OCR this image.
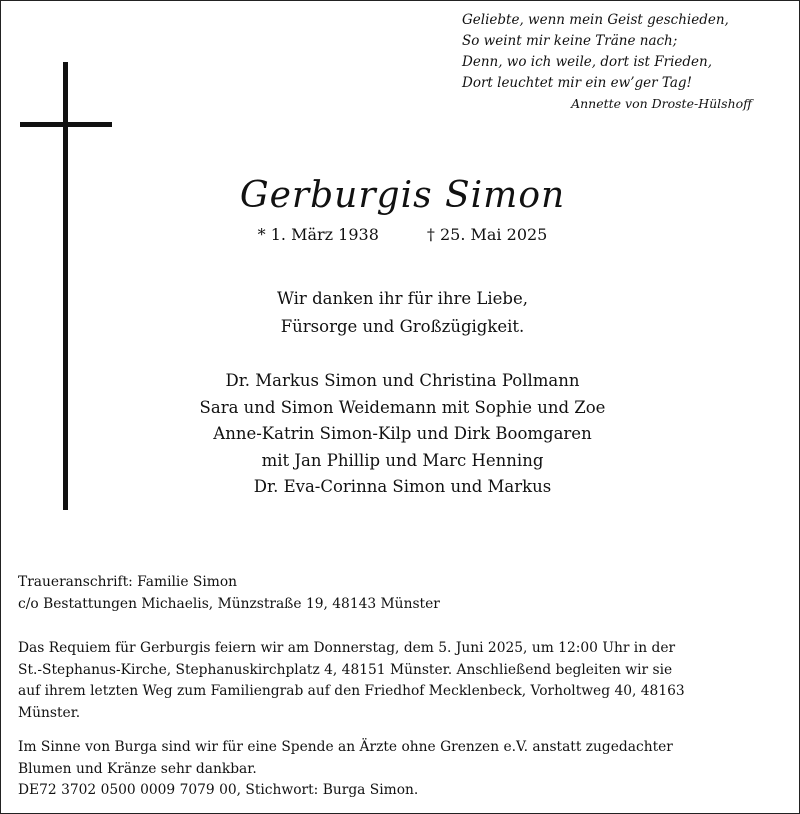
Geliebte, wenn mein Geist geschieden,
So weint mir keine Träne nach;
Denn, wo ich weile, dort ist Frieden,
Dort leuchtet mir ein ew’ger Tag!
Annette von Droste-Hülshoff
Gerburgis Simon
* 1. März 1938	† 25. Mai 2025
Wir danken ihr für ihre Liebe,
Fürsorge und Großzügigkeit.
Dr. Markus Simon und Christina Pollmann
Sara und Simon Weidemann mit Sophie und Zoe
Anne-Katrin Simon-Kilp und Dirk Boomgaren
mit Jan Phillip und Marc Henning
Dr. Eva-Corinna Simon und Markus
Traueranschrift: Familie Simon
c/o Bestattungen Michaelis, Münzstraße 19, 48143 Münster
Das Requiem für Gerburgis feiern wir am Donnerstag, dem 5. Juni 2025, um 12:00 Uhr in der
St.-Stephanus-Kirche, Stephanuskirchplatz 4, 48151 Münster. Anschließend begleiten wir sie
auf ihrem letzten Weg zum Familiengrab auf den Friedhof Mecklenbeck, Vorholtweg 40, 48163
Münster.
Im Sinne von Burga sind wir für eine Spende an Ärzte ohne Grenzen e.V. anstatt zugedachter
Blumen und Kränze sehr dankbar.
DE72 3702 0500 0009 7079 00, Stichwort: Burga Simon.
